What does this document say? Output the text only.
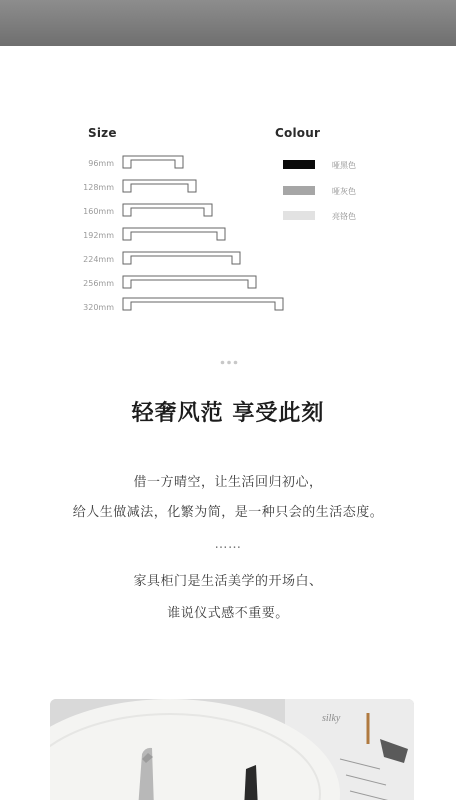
Size	Colour
96mm
128mm
160mm
192mm
224mm
256mm
320mm
哑黑色
哑灰色
亮铬色
轻奢风范 享受此刻
借一方晴空，让生活回归初心，
给人生做减法，化繁为简，是一种只会的生活态度。
……
家具柜门是生活美学的开场白、
谁说仪式感不重要。
silky
